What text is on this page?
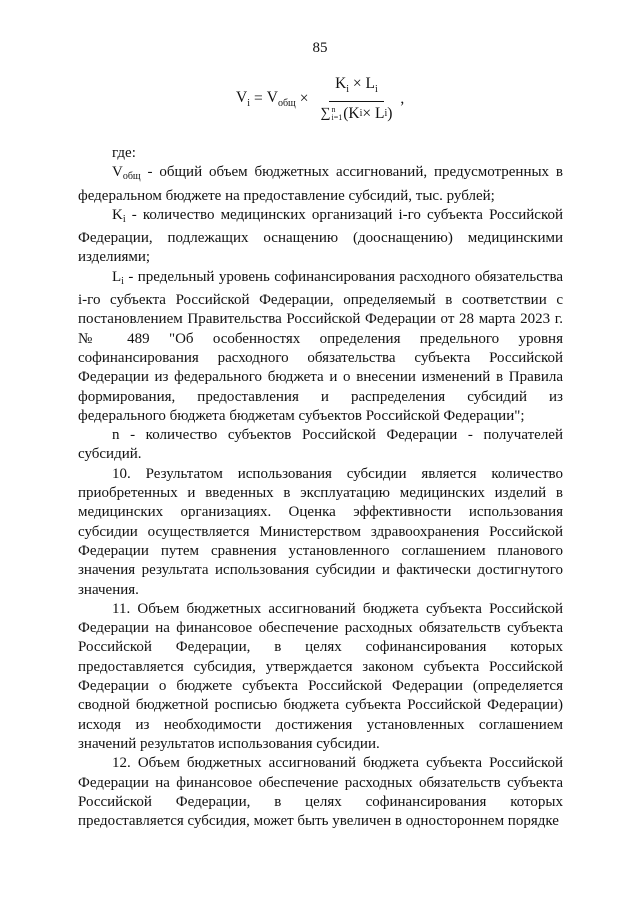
85
$V_i = V_{общ}$ ×
$K_i \times L_i$
∑ n
i=1 (K i × L i )
,

где:

$V_{общ}$ - общий объем бюджетных ассигнований, предусмотренных в федеральном бюджете на предоставление субсидий, тыс. рублей;

$K_i$ - количество медицинских организаций i-го субъекта Российской Федерации, подлежащих оснащению (дооснащению) медицинскими изделиями;

$L_i$ - предельный уровень софинансирования расходного обязательства i-го субъекта Российской Федерации, определяемый в соответствии с постановлением Правительства Российской Федерации от 28 марта 2023 г. № 489 "Об особенностях определения предельного уровня софинансирования расходного обязательства субъекта Российской Федерации из федерального бюджета и о внесении изменений в Правила формирования, предоставления и распределения субсидий из федерального бюджета бюджетам субъектов Российской Федерации";

n - количество субъектов Российской Федерации - получателей субсидий.

10. Результатом использования субсидии является количество приобретенных и введенных в эксплуатацию медицинских изделий в медицинских организациях. Оценка эффективности использования субсидии осуществляется Министерством здравоохранения Российской Федерации путем сравнения установленного соглашением планового значения результата использования субсидии и фактически достигнутого значения.

11. Объем бюджетных ассигнований бюджета субъекта Российской Федерации на финансовое обеспечение расходных обязательств субъекта Российской Федерации, в целях софинансирования которых предоставляется субсидия, утверждается законом субъекта Российской Федерации о бюджете субъекта Российской Федерации (определяется сводной бюджетной росписью бюджета субъекта Российской Федерации) исходя из необходимости достижения установленных соглашением значений результатов использования субсидии.

12. Объем бюджетных ассигнований бюджета субъекта Российской Федерации на финансовое обеспечение расходных обязательств субъекта Российской Федерации, в целях софинансирования которых предоставляется субсидия, может быть увеличен в одностороннем порядке
